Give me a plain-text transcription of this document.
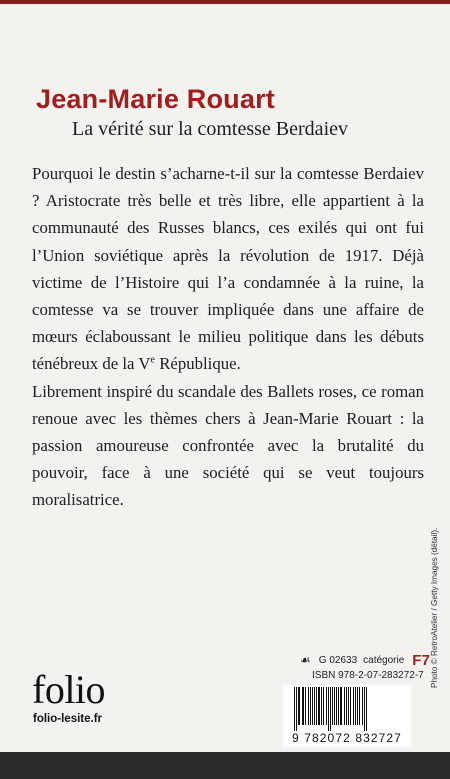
Jean-Marie Rouart
La vérité sur la comtesse Berdaiev

Pourquoi le destin s’acharne-t-il sur la comtesse Berdaiev ? Aristocrate très belle et très libre, elle appartient à la communauté des Russes blancs, ces exilés qui ont fui l’Union soviétique après la révolution de 1917. Déjà victime de l’Histoire qui l’a condamnée à la ruine, la comtesse va se trouver impliquée dans une affaire de mœurs éclaboussant le milieu politique dans les débuts ténébreux de la Ve République.

Librement inspiré du scandale des Ballets roses, ce roman renoue avec les thèmes chers à Jean-Marie Rouart : la passion amoureuse confrontée avec la brutalité du pouvoir, face à une société qui se veut toujours moralisatrice.

Photo © RetroAtelier / Getty Images (détail).
folio
folio-lesite.fr
☙ G 02633 catégorie F7
ISBN 978-2-07-283272-7
9 782072 832727
